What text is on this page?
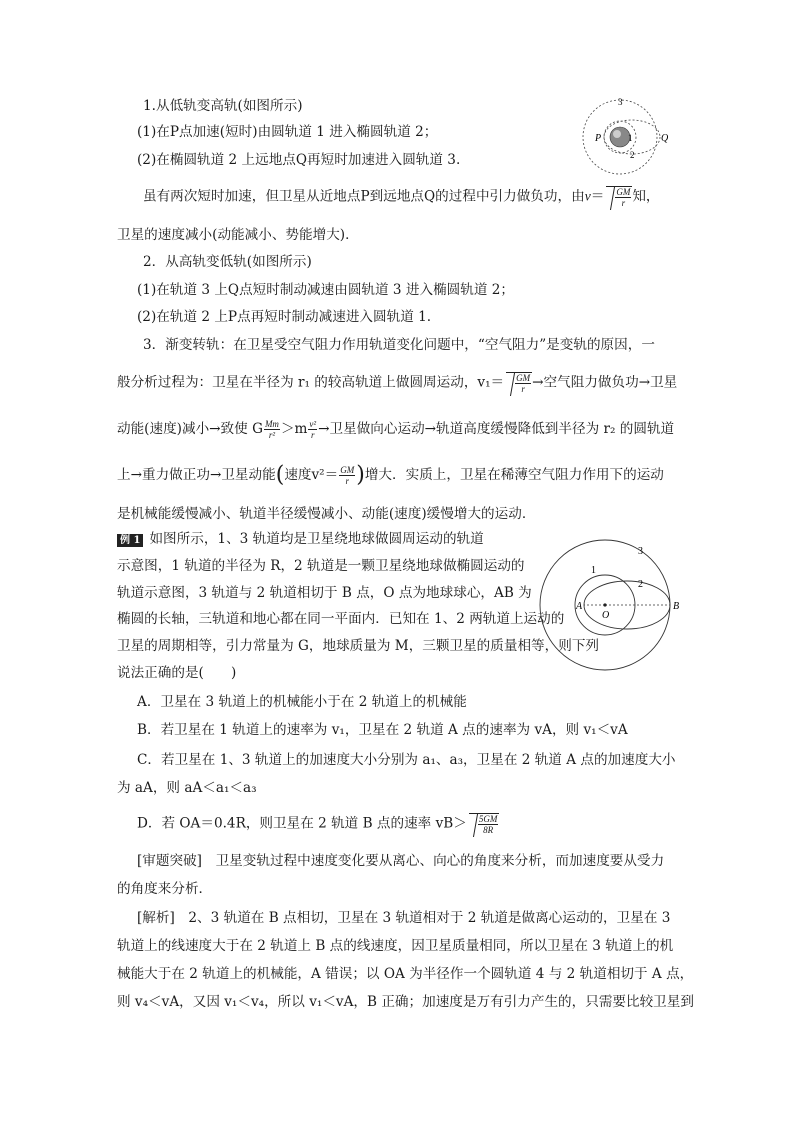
1.从低轨变高轨(如图所示)
(1)在P点加速(短时)由圆轨道 1 进入椭圆轨道 2；
(2)在椭圆轨道 2 上远地点Q再短时加速进入圆轨道 3.
3
1
2
P	Q
虽有两次短时加速，但卫星从近地点P到远地点Q的过程中引力做负功，由$v= \frac{GM}{r}$ 知，
卫星的速度减小(动能减小、势能增大)．
2．从高轨变低轨(如图所示)
(1)在轨道 3 上Q点短时制动减速由圆轨道 3 进入椭圆轨道 2；
(2)在轨道 2 上P点再短时制动减速进入圆轨道 1.
3．渐变转轨：在卫星受空气阻力作用轨道变化问题中，“空气阻力”是变轨的原因，一
般分析过程为：卫星在半径为 r₁ 的较高轨道上做圆周运动，$v_1= \frac{GM}{r}$ →空气阻力做负功→卫星
动能(速度)减小→致使 G $\frac{Mm}{\text{r²}} >m \frac{\text{v²}}{r}$ →卫星做向心运动→轨道高度缓慢降低到半径为 r₂ 的圆轨道
上→重力做正功→卫星动能(速度$v^2= \frac{GM}{r}$ )增大．实质上，卫星在稀薄空气阻力作用下的运动
是机械能缓慢减小、轨道半径缓慢减小、动能(速度)缓慢增大的运动．
例 1 如图所示，1、3 轨道均是卫星绕地球做圆周运动的轨道
示意图，1 轨道的半径为 R，2 轨道是一颗卫星绕地球做椭圆运动的
轨道示意图，3 轨道与 2 轨道相切于 B 点，O 点为地球球心，AB 为
椭圆的长轴，三轨道和地心都在同一平面内．已知在 1、2 两轨道上运动的
卫星的周期相等，引力常量为 G，地球质量为 M，三颗卫星的质量相等，则下列
说法正确的是(　　)
3
1
2
A
O
B
A．卫星在 3 轨道上的机械能小于在 2 轨道上的机械能
B．若卫星在 1 轨道上的速率为 v₁，卫星在 2 轨道 A 点的速率为 vA，则 v₁＜vA
C．若卫星在 1、3 轨道上的加速度大小分别为 a₁、a₃，卫星在 2 轨道 A 点的加速度大小
为 aA，则 aA＜a₁＜a₃
D．若 OA＝0.4R，则卫星在 2 轨道 B 点的速率 $vB> \frac{5GM}{8R}$
[审题突破]　卫星变轨过程中速度变化要从离心、向心的角度来分析，而加速度要从受力
的角度来分析．
[解析]　2、3 轨道在 B 点相切，卫星在 3 轨道相对于 2 轨道是做离心运动的，卫星在 3
轨道上的线速度大于在 2 轨道上 B 点的线速度，因卫星质量相同，所以卫星在 3 轨道上的机
械能大于在 2 轨道上的机械能，A 错误；以 OA 为半径作一个圆轨道 4 与 2 轨道相切于 A 点，
则 v₄＜vA，又因 v₁＜v₄，所以 v₁＜vA，B 正确；加速度是万有引力产生的，只需要比较卫星到
